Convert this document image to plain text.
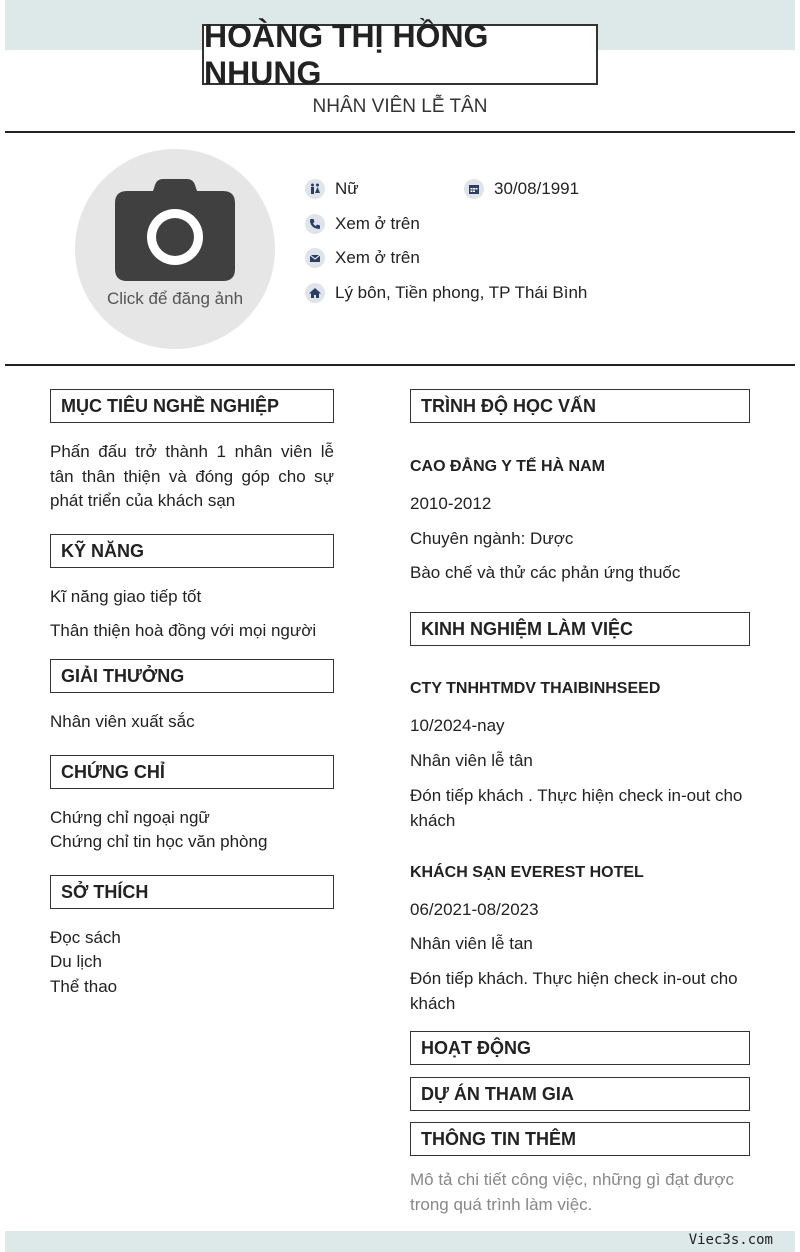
HOÀNG THỊ HỒNG NHUNG
NHÂN VIÊN LỄ TÂN
Click để đăng ảnh
Nữ	30/08/1991
Xem ở trên
Xem ở trên
Lý bôn, Tiền phong, TP Thái Bình
MỤC TIÊU NGHỀ NGHIỆP
Phấn đấu trở thành 1 nhân viên lễ tân thân thiện và đóng góp cho sự phát triển của khách sạn
KỸ NĂNG
Kĩ năng giao tiếp tốt
Thân thiện hoà đồng với mọi người
GIẢI THƯỞNG
Nhân viên xuất sắc
CHỨNG CHỈ
Chứng chỉ ngoại ngữ
Chứng chỉ tin học văn phòng
SỞ THÍCH
Đọc sách
Du lịch
Thể thao
TRÌNH ĐỘ HỌC VẤN
CAO ĐẲNG Y TẾ HÀ NAM
2010-2012
Chuyên ngành: Dược
Bào chế và thử các phản ứng thuốc
KINH NGHIỆM LÀM VIỆC
CTY TNHHTMDV THAIBINHSEED
10/2024-nay
Nhân viên lễ tân
Đón tiếp khách . Thực hiện check in-out cho khách
KHÁCH SẠN EVEREST HOTEL
06/2021-08/2023
Nhân viên lễ tan
Đón tiếp khách. Thực hiện check in-out cho khách
HOẠT ĐỘNG
DỰ ÁN THAM GIA
THÔNG TIN THÊM
Mô tả chi tiết công việc, những gì đạt được trong quá trình làm việc.
Viec3s.com
